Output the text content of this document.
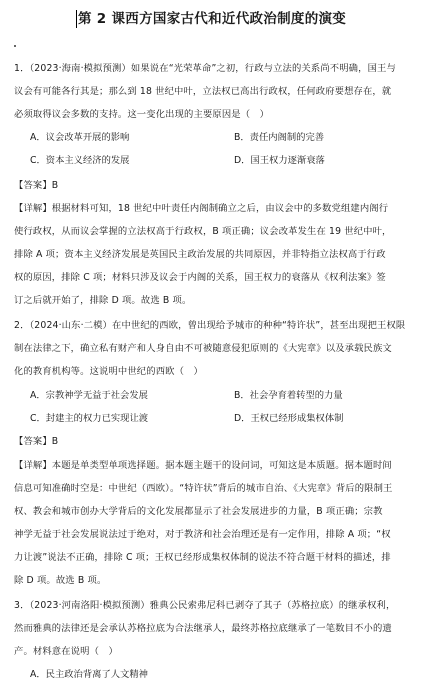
第 2 课西方国家古代和近代政治制度的演变
1．（2023·海南·模拟预测）如果说在“光荣革命”之初，行政与立法的关系尚不明确，国王与
议会有可能各行其是；那么到 18 世纪中叶，立法权已高出行政权，任何政府要想存在，就
必须取得议会多数的支持。这一变化出现的主要原因是（　）
A．议会改革开展的影响	B．责任内阁制的完善
C．资本主义经济的发展	D．国王权力逐渐衰落
【答案】B
【详解】根据材料可知，18 世纪中叶责任内阁制确立之后，由议会中的多数党组建内阁行
使行政权，从而议会掌握的立法权高于行政权，B 项正确；议会改革发生在 19 世纪中叶，
排除 A 项；资本主义经济发展是英国民主政治发展的共同原因，并非特指立法权高于行政
权的原因，排除 C 项；材料只涉及议会于内阁的关系，国王权力的衰落从《权利法案》签
订之后就开始了，排除 D 项。故选 B 项。
2．（2024·山东·二模）在中世纪的西欧，曾出现给予城市的种种“特许状”，甚至出现把王权限
制在法律之下，确立私有财产和人身自由不可被随意侵犯原则的《大宪章》以及承载民族文
化的教育机构等。这说明中世纪的西欧（　）
A．宗教神学无益于社会发展	B．社会孕育着转型的力量
C．封建主的权力已实现让渡	D．王权已经形成集权体制
【答案】B
【详解】本题是单类型单项选择题。据本题主题干的设问词，可知这是本质题。据本题时间
信息可知准确时空是：中世纪（西欧）。“特许状”背后的城市自治、《大宪章》背后的限制王
权、教会和城市创办大学背后的文化发展都显示了社会发展进步的力量，B 项正确；宗教
神学无益于社会发展说法过于绝对，对于教济和社会治理还是有一定作用，排除 A 项；“权
力让渡”说法不正确，排除 C 项；王权已经形成集权体制的说法不符合题干材料的描述，排
除 D 项。故选 B 项。
3．（2023·河南洛阳·模拟预测）雅典公民索弗尼科已剥夺了其子（苏格拉底）的继承权利，
然而雅典的法律还是会承认苏格拉底为合法继承人，最终苏格拉底继承了一笔数目不小的遗
产。材料意在说明（　）
A．民主政治背离了人文精神
